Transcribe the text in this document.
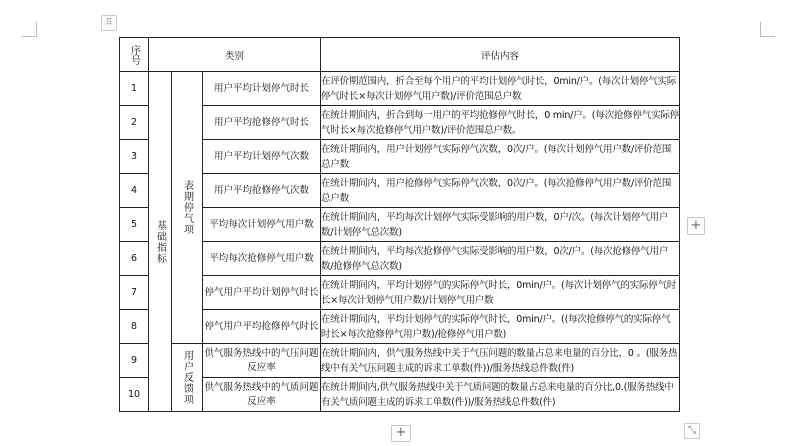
⠿
序号	类别			评估内容
1	基础指标	表期停气项	用户平均计划停气时长	在评价期范围内，折合至每个用户的平均计划停气时长，0min/户。(每次计划停气实际停气时长×每次计划停气用户数)/评价范围总户数
2			用户平均抢修停气时长	在统计期间内，折合到每一用户的平均抢修停气时长，0 min/户。(每次抢修停气实际停气时长×每次抢修停气用户数)/评价范围总户数。
3			用户平均计划停气次数	在统计期间内，用户计划停气实际停气次数，0次/户。(每次计划停气用户数/评价范围总户数
4			用户平均抢修停气次数	在统计期间内，用户抢修停气实际停气次数，0次/户。(每次抢修停气用户数/评价范围总户数
5			平均每次计划停气用户数	在统计期间内，平均每次计划停气实际受影响的用户数，0户/次。(每次计划停气用户数/计划停气总次数)
6			平均每次抢修停气用户数	在统计期间内，平均每次抢修停气实际受影响的用户数，0次/户。(每次抢修停气用户数/抢修停气总次数)
7			停气用户平均计划停气时长	在统计期间内，平均计划停气的实际停气时长，0min/户。(每次计划停气的实际停气时长×每次计划停气用户数)/计划停气用户数
8			停气用户平均抢修停气时长	在统计期间内，平均计划停气的实际停气时长，0min/户。((每次抢修停气的实际停气时长×每次抢修停气用户数)/抢修停气用户数)
9		用户反馈项	供气服务热线中的气压问题反应率	在统计期间内，供气服务热线中关于气压问题的数量占总来电量的百分比，0 。(服务热线中有关气压问题主成的诉求工单数(件))/服务热线总件数(件)
10			供气服务热线中的气质问题反应率	在统计期间内,供气服务热线中关于气质问题的数量占总来电量的百分比,0.(服务热线中有关气质问题主成的诉求工单数(件))/服务热线总件数(件)
+
+	⤡
